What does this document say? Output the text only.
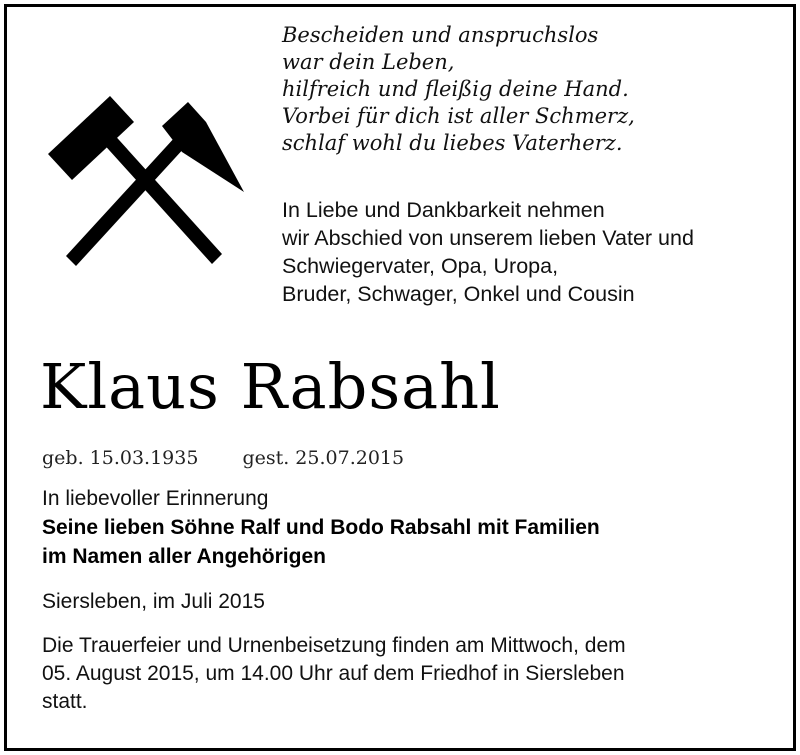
Bescheiden und anspruchslos
war dein Leben,
hilfreich und fleißig deine Hand.
Vorbei für dich ist aller Schmerz,
schlaf wohl du liebes Vaterherz.
In Liebe und Dankbarkeit nehmen
wir Abschied von unserem lieben Vater und
Schwiegervater, Opa, Uropa,
Bruder, Schwager, Onkel und Cousin
Klaus Rabsahl
geb. 15.03.1935 gest. 25.07.2015
In liebevoller Erinnerung
Seine lieben Söhne Ralf und Bodo Rabsahl mit Familien
im Namen aller Angehörigen
Siersleben, im Juli 2015
Die Trauerfeier und Urnenbeisetzung finden am Mittwoch, dem
05. August 2015, um 14.00 Uhr auf dem Friedhof in Siersleben
statt.
